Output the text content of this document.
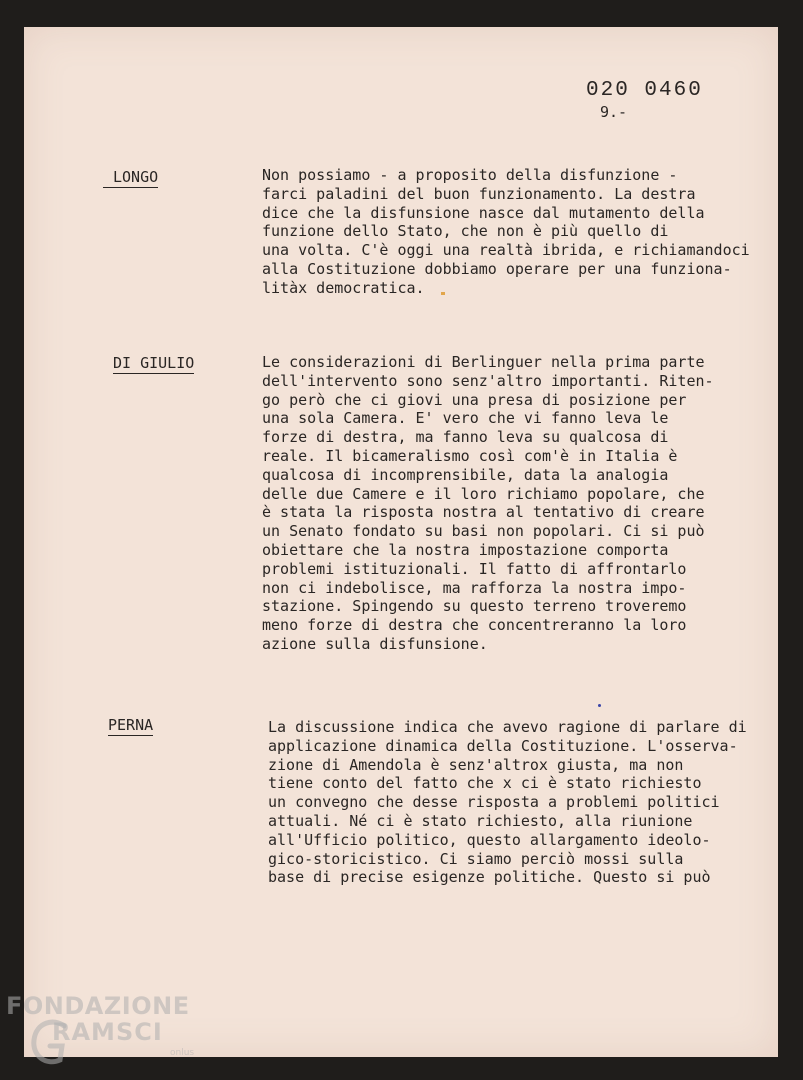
020 0460
9.-
LONGO	Non possiamo - a proposito della disfunzione -
farci paladini del buon funzionamento. La destra
dice che la disfunsione nasce dal mutamento della
funzione dello Stato, che non è più quello di
una volta. C'è oggi una realtà ibrida, e richiamandoci
alla Costituzione dobbiamo operare per una funziona-
litàx democratica.
DI GIULIO	Le considerazioni di Berlinguer nella prima parte
dell'intervento sono senz'altro importanti. Riten-
go però che ci giovi una presa di posizione per
una sola Camera. E' vero che vi fanno leva le
forze di destra, ma fanno leva su qualcosa di
reale. Il bicameralismo così com'è in Italia è
qualcosa di incomprensibile, data la analogia
delle due Camere e il loro richiamo popolare, che
è stata la risposta nostra al tentativo di creare
un Senato fondato su basi non popolari. Ci si può
obiettare che la nostra impostazione comporta
problemi istituzionali. Il fatto di affrontarlo
non ci indebolisce, ma rafforza la nostra impo-
stazione. Spingendo su questo terreno troveremo
meno forze di destra che concentreranno la loro
azione sulla disfunsione.
PERNA	La discussione indica che avevo ragione di parlare di
applicazione dinamica della Costituzione. L'osserva-
zione di Amendola è senz'altrox giusta, ma non
tiene conto del fatto che x ci è stato richiesto
un convegno che desse risposta a problemi politici
attuali. Né ci è stato richiesto, alla riunione
all'Ufficio politico, questo allargamento ideolo-
gico-storicistico. Ci siamo perciò mossi sulla
base di precise esigenze politiche. Questo si può
FONDAZIONE
RAMSCI
onlus
